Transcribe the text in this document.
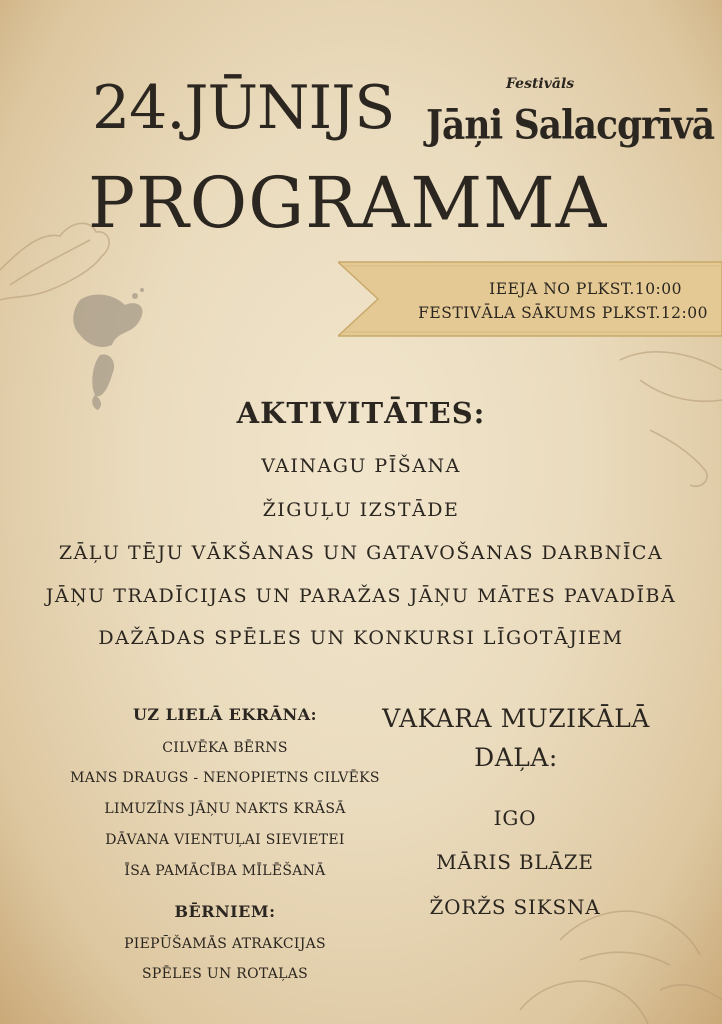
24.JŪNIJS	Festivāls
Jāņi Salacgrīvā
PROGRAMMA
IEEJA NO PLKST.10:00
FESTIVĀLA SĀKUMS PLKST.12:00
AKTIVITĀTES:
VAINAGU PĪŠANA
ŽIGUĻU IZSTĀDE
ZĀĻU TĒJU VĀKŠANAS UN GATAVOŠANAS DARBNĪCA
JĀŅU TRADĪCIJAS UN PARAŽAS JĀŅU MĀTES PAVADĪBĀ
DAŽĀDAS SPĒLES UN KONKURSI LĪGOTĀJIEM
UZ LIELĀ EKRĀNA:
CILVĒKA BĒRNS
MANS DRAUGS - NENOPIETNS CILVĒKS
LIMUZĪNS JĀŅU NAKTS KRĀSĀ
DĀVANA VIENTUĻAI SIEVIETEI
ĪSA PAMĀCĪBA MĪLĒŠANĀ
BĒRNIEM:
PIEPŪŠAMĀS ATRAKCIJAS
SPĒLES UN ROTAĻAS
VAKARA MUZIKĀLĀ
DAĻA:
IGO
MĀRIS BLĀZE
ŽORŽS SIKSNA
